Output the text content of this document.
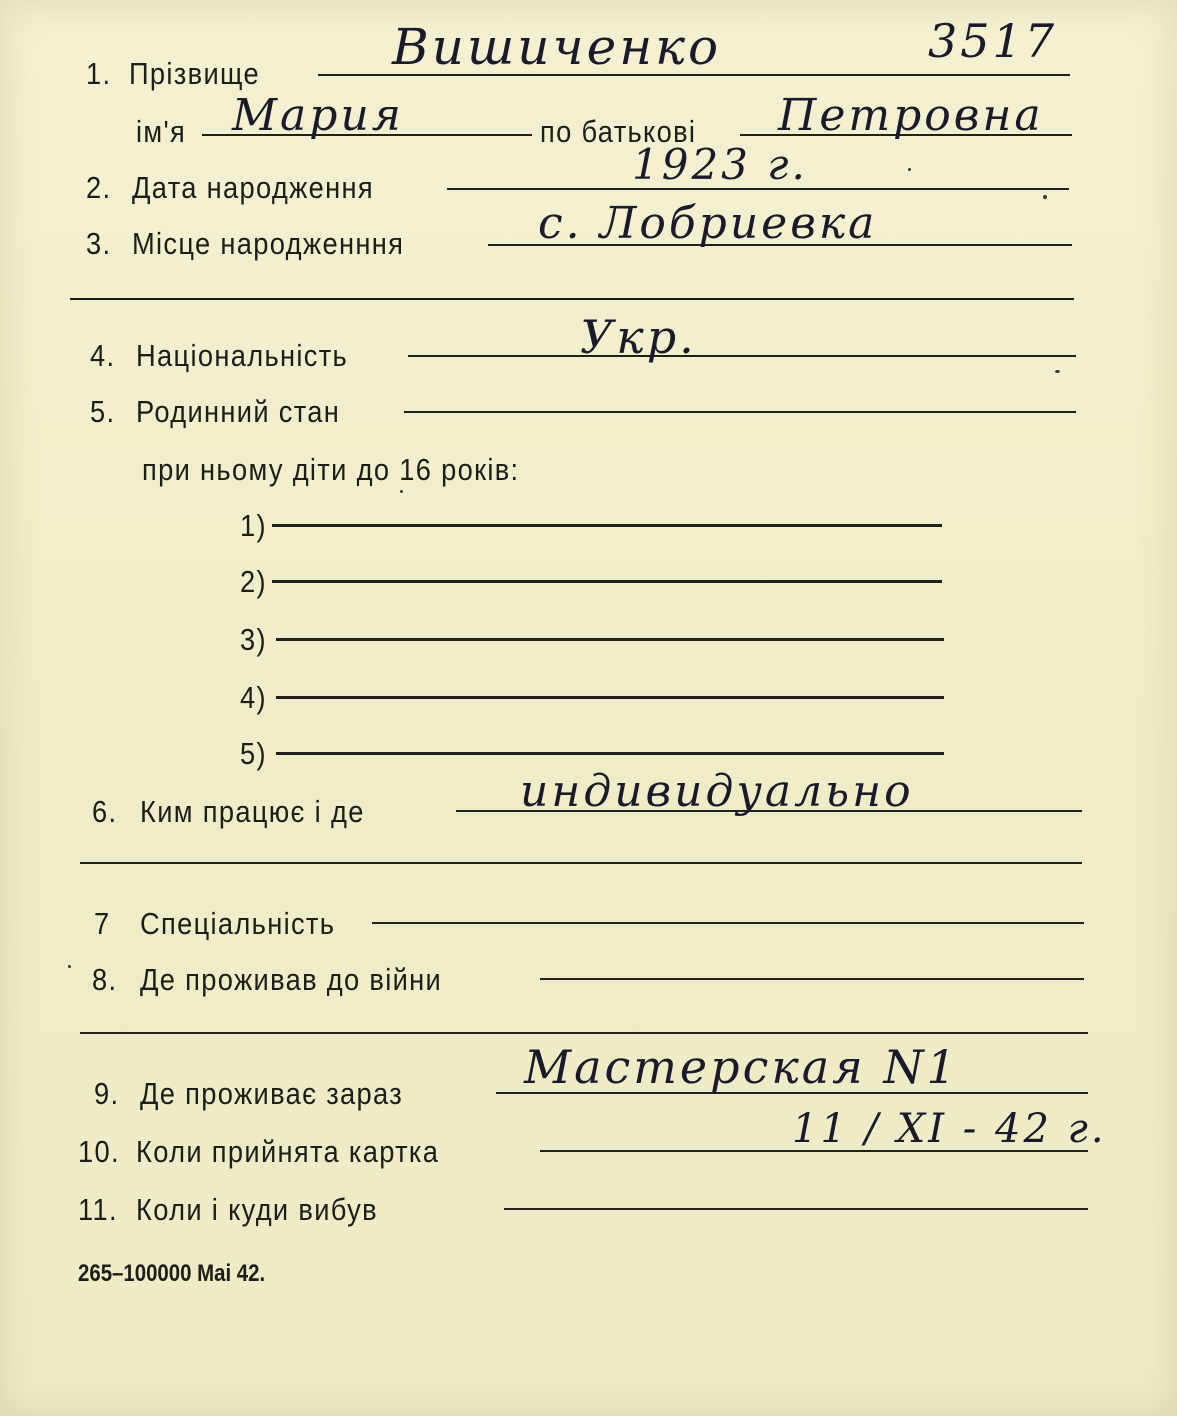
1. Прізвище	Вишиченко	3517
ім'я Мария	по батькові Петровна
2. Дата народження	1923 г.
3. Місце народженння	с. Лобриевка
4. Національність	Укр.
5. Родинний стан
при ньому діти до 16 років:
1)
2)
3)
4)
5)
6. Ким працює і де	индивидуально
7 Спеціальність
8. Де проживав до війни
9. Де проживає зараз	Мастерская N1
10. Коли прийнята картка	11 / XI - 42 г.
11. Коли і куди вибув
265–100000 Mai 42.
